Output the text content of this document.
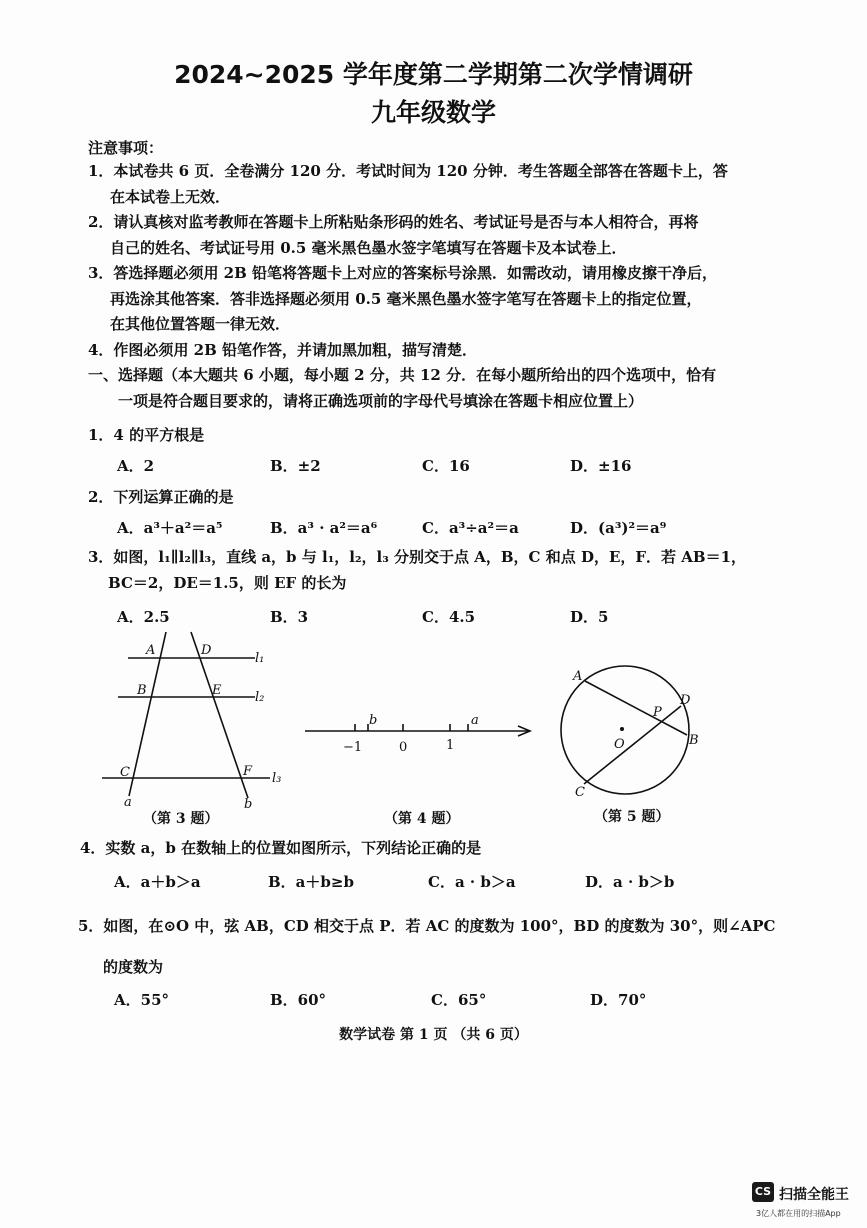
2024~2025 学年度第二学期第二次学情调研
九年级数学
注意事项：
1．本试卷共 6 页．全卷满分 120 分．考试时间为 120 分钟．考生答题全部答在答题卡上，答
在本试卷上无效．
2．请认真核对监考教师在答题卡上所粘贴条形码的姓名、考试证号是否与本人相符合，再将
自己的姓名、考试证号用 0.5 毫米黑色墨水签字笔填写在答题卡及本试卷上．
3．答选择题必须用 2B 铅笔将答题卡上对应的答案标号涂黑．如需改动，请用橡皮擦干净后，
再选涂其他答案．答非选择题必须用 0.5 毫米黑色墨水签字笔写在答题卡上的指定位置，
在其他位置答题一律无效．
4．作图必须用 2B 铅笔作答，并请加黑加粗，描写清楚．
一、选择题（本大题共 6 小题，每小题 2 分，共 12 分．在每小题所给出的四个选项中，恰有
一项是符合题目要求的，请将正确选项前的字母代号填涂在答题卡相应位置上）
1．4 的平方根是
A．2	B．±2	C．16	D．±16
2．下列运算正确的是
A．a³＋a²＝a⁵	B．a³ · a²＝a⁶	C．a³÷a²＝a	D．(a³)²＝a⁹
3．如图，l₁∥l₂∥l₃，直线 a，b 与 l₁，l₂，l₃ 分别交于点 A，B，C 和点 D，E，F．若 AB＝1，
BC＝2，DE＝1.5，则 EF 的长为
A．2.5	B．3	C．4.5	D．5
A	D
l₁
B	E	l₂
C	F l₃
a	b
b	a
−1	0	1
A
D
P
O	B
C
（第 3 题）	（第 4 题）	（第 5 题）
4．实数 a，b 在数轴上的位置如图所示，下列结论正确的是
A．a＋b＞a	B．a＋b≥b	C．a · b＞a	D．a · b＞b
5．如图，在⊙O 中，弦 AB，CD 相交于点 P．若 AC 的度数为 100°，BD 的度数为 30°，则∠APC
的度数为
A．55°	B．60°	C．65°	D．70°
数学试卷 第 1 页 （共 6 页）
CS 扫描全能王
3亿人都在用的扫描App
